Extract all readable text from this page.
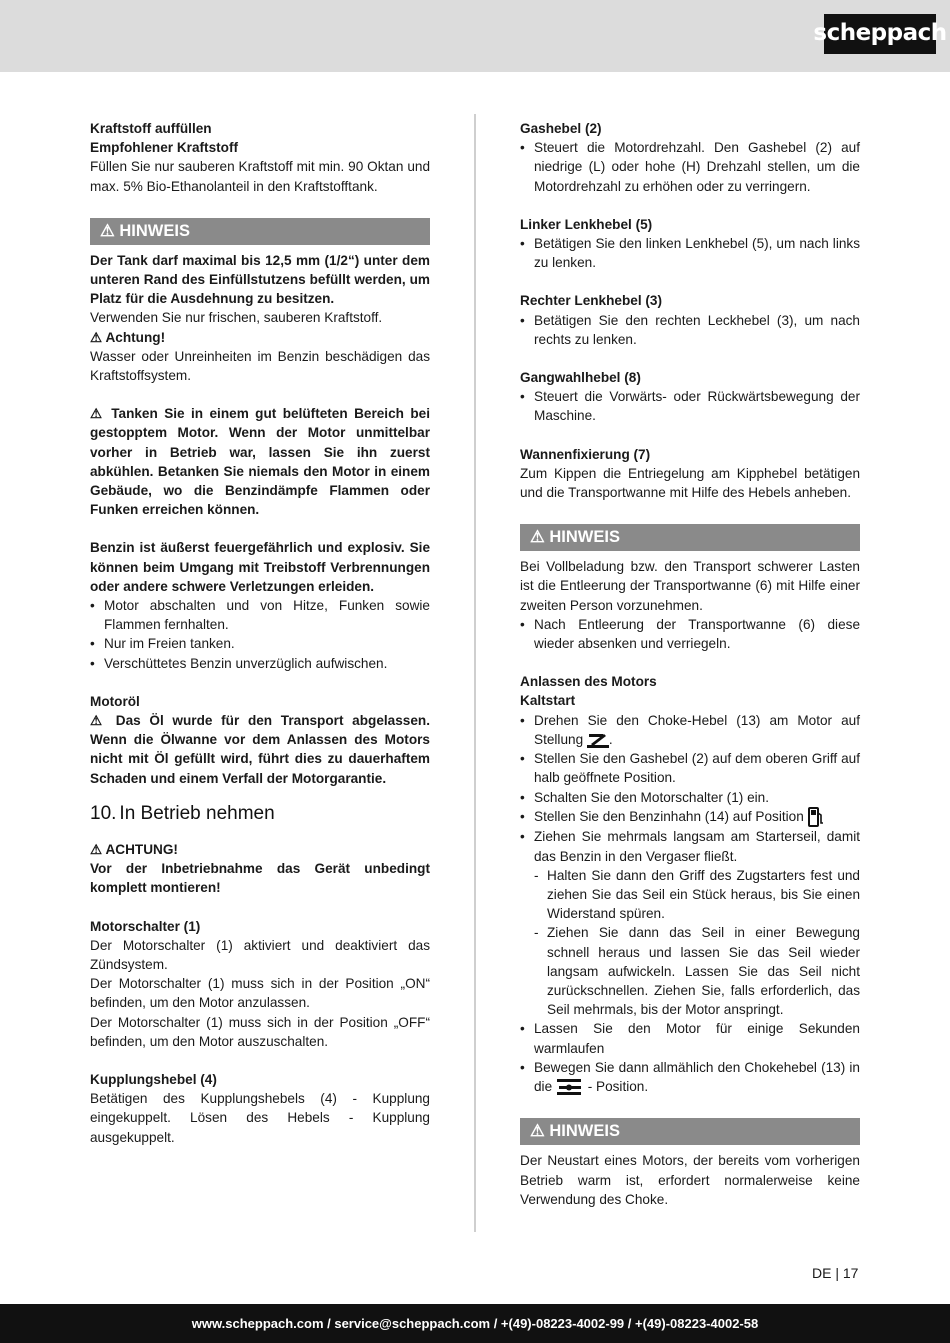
scheppach

Kraftstoff auffüllen

Empfohlener Kraftstoff

Füllen Sie nur sauberen Kraftstoff mit min. 90 Oktan und max. 5% Bio-Ethanolanteil in den Kraftstofftank.

⚠ HINWEIS

Der Tank darf maximal bis 12,5 mm (1/2“) unter dem unteren Rand des Einfüllstutzens befüllt werden, um Platz für die Ausdehnung zu besitzen.

Verwenden Sie nur frischen, sauberen Kraftstoff.

⚠ Achtung!

Wasser oder Unreinheiten im Benzin beschädigen das Kraftstoffsystem.

⚠ Tanken Sie in einem gut belüfteten Bereich bei gestopptem Motor. Wenn der Motor unmittelbar vorher in Betrieb war, lassen Sie ihn zuerst abkühlen. Betanken Sie niemals den Motor in einem Gebäude, wo die Benzindämpfe Flammen oder Funken erreichen können.

Benzin ist äußerst feuergefährlich und explosiv. Sie können beim Umgang mit Treibstoff Verbrennungen oder andere schwere Verletzungen erleiden.

• Motor abschalten und von Hitze, Funken sowie Flammen fernhalten.
• Nur im Freien tanken.
• Verschüttetes Benzin unverzüglich aufwischen.

Motoröl

⚠ Das Öl wurde für den Transport abgelassen. Wenn die Ölwanne vor dem Anlassen des Motors nicht mit Öl gefüllt wird, führt dies zu dauerhaftem Schaden und einem Verfall der Motorgarantie.

10. In Betrieb nehmen

⚠ ACHTUNG!

Vor der Inbetriebnahme das Gerät unbedingt komplett montieren!

Motorschalter (1)

Der Motorschalter (1) aktiviert und deaktiviert das Zündsystem.

Der Motorschalter (1) muss sich in der Position „ON“ befinden, um den Motor anzulassen.

Der Motorschalter (1) muss sich in der Position „OFF“ befinden, um den Motor auszuschalten.

Kupplungshebel (4)

Betätigen des Kupplungshebels (4) - Kupplung eingekuppelt. Lösen des Hebels - Kupplung ausgekuppelt.

Gashebel (2)

• Steuert die Motordrehzahl. Den Gashebel (2) auf niedrige (L) oder hohe (H) Drehzahl stellen, um die Motordrehzahl zu erhöhen oder zu verringern.

Linker Lenkhebel (5)

• Betätigen Sie den linken Lenkhebel (5), um nach links zu lenken.

Rechter Lenkhebel (3)

• Betätigen Sie den rechten Leckhebel (3), um nach rechts zu lenken.

Gangwahlhebel (8)

• Steuert die Vorwärts- oder Rückwärtsbewegung der Maschine.

Wannenfixierung (7)

Zum Kippen die Entriegelung am Kipphebel betätigen und die Transportwanne mit Hilfe des Hebels anheben.

⚠ HINWEIS

Bei Vollbeladung bzw. den Transport schwerer Lasten ist die Entleerung der Transportwanne (6) mit Hilfe einer zweiten Person vorzunehmen.

• Nach Entleerung der Transportwanne (6) diese wieder absenken und verriegeln.

Anlassen des Motors

Kaltstart

• Drehen Sie den Choke-Hebel (13) am Motor auf Stellung .
• Stellen Sie den Gashebel (2) auf dem oberen Griff auf halb geöffnete Position.
• Schalten Sie den Motorschalter (1) ein.
• Stellen Sie den Benzinhahn (14) auf Position
• Ziehen Sie mehrmals langsam am Starterseil, damit das Benzin in den Vergaser fließt.
- Halten Sie dann den Griff des Zugstarters fest und ziehen Sie das Seil ein Stück heraus, bis Sie einen Widerstand spüren.
- Ziehen Sie dann das Seil in einer Bewegung schnell heraus und lassen Sie das Seil wieder langsam aufwickeln. Lassen Sie das Seil nicht zurückschnellen. Ziehen Sie, falls erforderlich, das Seil mehrmals, bis der Motor anspringt.
• Lassen Sie den Motor für einige Sekunden warmlaufen
• Bewegen Sie dann allmählich den Chokehebel (13) in die	- Position.
⚠ HINWEIS

Der Neustart eines Motors, der bereits vom vorherigen Betrieb warm ist, erfordert normalerweise keine Verwendung des Choke.

DE | 17
www.scheppach.com / service@scheppach.com / +(49)-08223-4002-99 / +(49)-08223-4002-58
